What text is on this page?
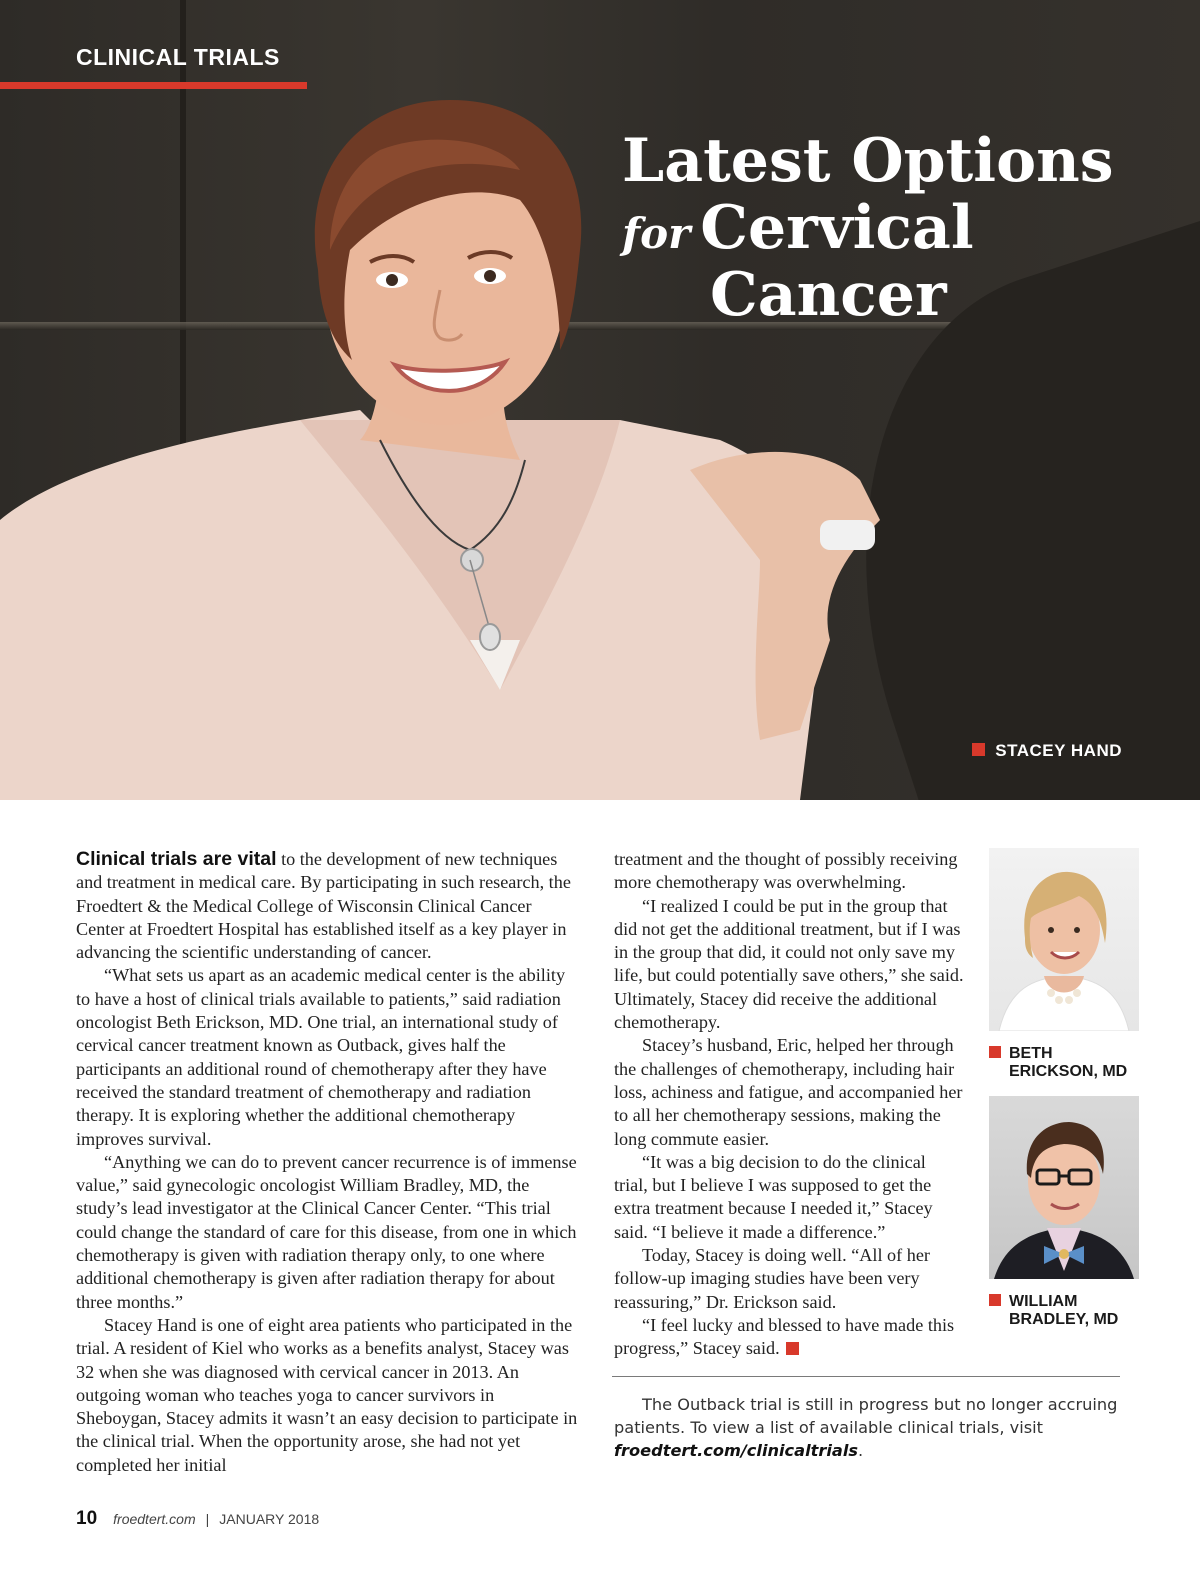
CLINICAL TRIALS
Latest Options
for Cervical
Cancer
STACEY HAND

Clinical trials are vital to the development of new techniques and treatment in medical care. By participating in such research, the Froedtert & the Medical College of Wisconsin Clinical Cancer Center at Froedtert Hospital has established itself as a key player in advancing the scientific understanding of cancer.

“What sets us apart as an academic medical center is the ability to have a host of clinical trials available to patients,” said radiation oncologist Beth Erickson, MD. One trial, an international study of cervical cancer treatment known as Outback, gives half the participants an additional round of chemotherapy after they have received the standard treatment of chemotherapy and radiation therapy. It is exploring whether the additional chemotherapy improves survival.

“Anything we can do to prevent cancer recurrence is of immense value,” said gynecologic oncologist William Bradley, MD, the study’s lead investigator at the Clinical Cancer Center. “This trial could change the standard of care for this disease, from one in which chemotherapy is given with radiation therapy only, to one where additional chemotherapy is given after radiation therapy for about three months.”

Stacey Hand is one of eight area patients who participated in the trial. A resident of Kiel who works as a benefits analyst, Stacey was 32 when she was diagnosed with cervical cancer in 2013. An outgoing woman who teaches yoga to cancer survivors in Sheboygan, Stacey admits it wasn’t an easy decision to participate in the clinical trial. When the opportunity arose, she had not yet completed her initial

treatment and the thought of possibly receiving more chemotherapy was overwhelming.

“I realized I could be put in the group that did not get the additional treatment, but if I was in the group that did, it could not only save my life, but could potentially save others,” she said. Ultimately, Stacey did receive the additional chemotherapy.

Stacey’s husband, Eric, helped her through the challenges of chemotherapy, including hair loss, achiness and fatigue, and accompanied her to all her chemotherapy sessions, making the long commute easier.

“It was a big decision to do the clinical trial, but I believe I was supposed to get the extra treatment because I needed it,” Stacey said. “I believe it made a difference.”

Today, Stacey is doing well. “All of her follow-up imaging studies have been very reassuring,” Dr. Erickson said.

“I feel lucky and blessed to have made this progress,” Stacey said.

BETH
ERICKSON, MD
WILLIAM
BRADLEY, MD
The Outback trial is still in progress but no longer accruing patients. To view a list of available clinical trials, visit froedtert.com/clinicaltrials.
10 froedtert.com | JANUARY 2018
